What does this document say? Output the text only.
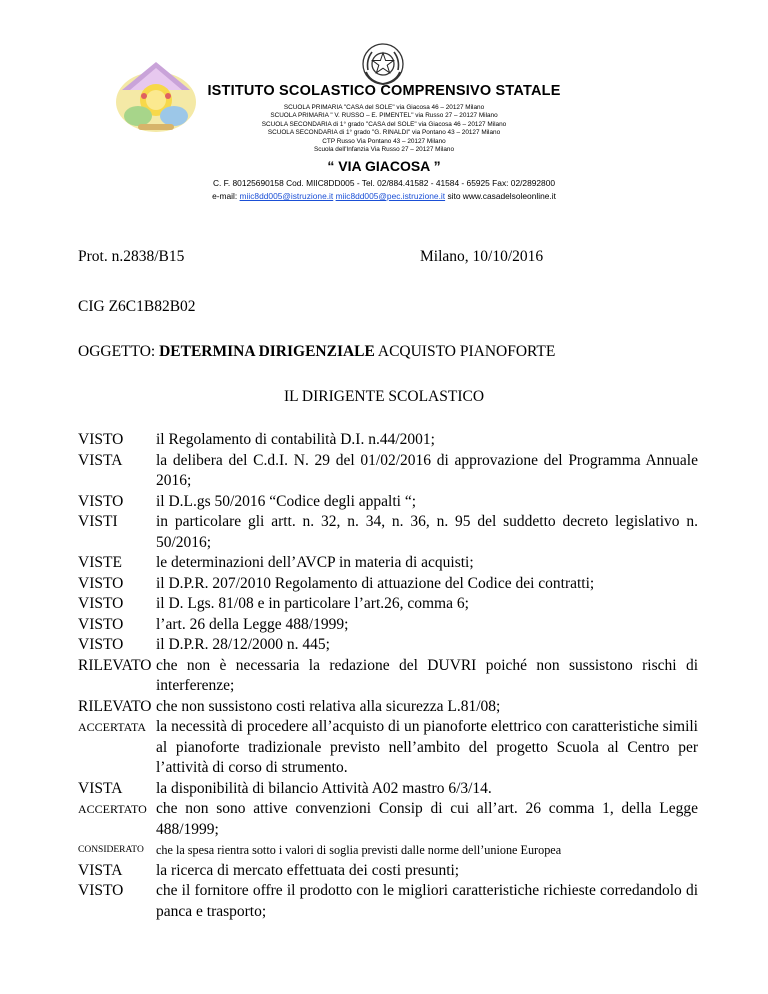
ISTITUTO SCOLASTICO COMPRENSIVO STATALE
SCUOLA PRIMARIA "CASA del SOLE" via Giacosa 46 – 20127 Milano
SCUOLA PRIMARIA " V. RUSSO – E. PIMENTEL" via Russo 27 – 20127 Milano
SCUOLA SECONDARIA di 1° grado "CASA del SOLE" via Giacosa 46 – 20127 Milano
SCUOLA SECONDARIA di 1° grado "G. RINALDI" via Pontano 43 – 20127 Milano
CTP Russo Via Pontano 43 – 20127 Milano
Scuola dell'Infanzia Via Russo 27 – 20127 Milano
“ VIA GIACOSA ”
C. F. 80125690158 Cod. MIIC8DD005 - Tel. 02/884.41582 - 41584 - 65925 Fax: 02/2892800
e-mail: miic8dd005@istruzione.it miic8dd005@pec.istruzione.it sito www.casadelsoleonline.it
Prot. n.2838/B15	Milano, 10/10/2016
CIG Z6C1B82B02
OGGETTO: DETERMINA DIRIGENZIALE ACQUISTO PIANOFORTE
IL DIRIGENTE SCOLASTICO
VISTO	il Regolamento di contabilità D.I. n.44/2001;
VISTA	la delibera del C.d.I. N. 29 del 01/02/2016 di approvazione del Programma Annuale 2016;
VISTO	il D.L.gs 50/2016 “Codice degli appalti “;
VISTI	in particolare gli artt. n. 32, n. 34, n. 36, n. 95 del suddetto decreto legislativo n. 50/2016;
VISTE	le determinazioni dell’AVCP in materia di acquisti;
VISTO	il D.P.R. 207/2010 Regolamento di attuazione del Codice dei contratti;
VISTO	il D. Lgs. 81/08 e in particolare l’art.26, comma 6;
VISTO	l’art. 26 della Legge 488/1999;
VISTO	il D.P.R. 28/12/2000 n. 445;
RILEVATO che non è necessaria la redazione del DUVRI poiché non sussistono rischi di interferenze;
RILEVATO che non sussistono costi relativa alla sicurezza L.81/08;
ACCERTATA la necessità di procedere all’acquisto di un pianoforte elettrico con caratteristiche simili al pianoforte tradizionale previsto nell’ambito del progetto Scuola al Centro per l’attività di corso di strumento.
VISTA	la disponibilità di bilancio Attività A02 mastro 6/3/14.
ACCERTATO che non sono attive convenzioni Consip di cui all’art. 26 comma 1, della Legge 488/1999;
CONSIDERATO che la spesa rientra sotto i valori di soglia previsti dalle norme dell’unione Europea
VISTA	la ricerca di mercato effettuata dei costi presunti;
VISTO	che il fornitore offre il prodotto con le migliori caratteristiche richieste corredandolo di panca e trasporto;
